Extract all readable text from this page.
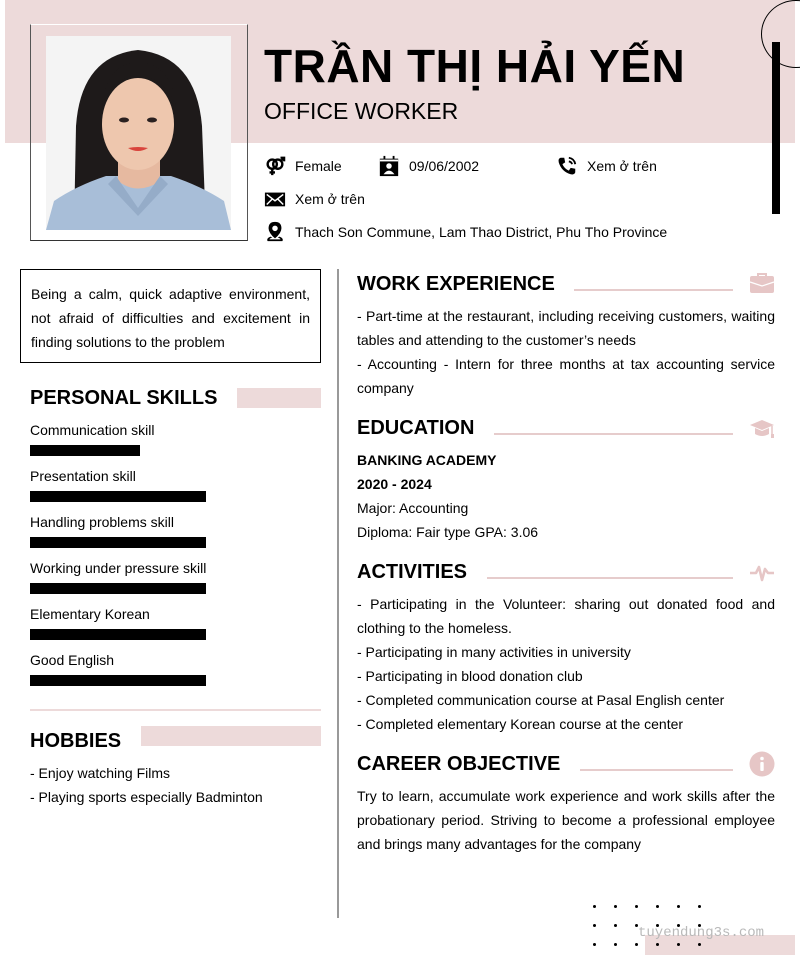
TRẦN THỊ HẢI YẾN
OFFICE WORKER
Female	09/06/2002	Xem ở trên
Xem ở trên
Thach Son Commune, Lam Thao District, Phu Tho Province
Being a calm, quick adaptive environment, not afraid of difficulties and excitement in finding solutions to the problem
PERSONAL SKILLS
Communication skill
Presentation skill
Handling problems skill
Working under pressure skill
Elementary Korean
Good English
HOBBIES
- Enjoy watching Films
- Playing sports especially Badminton
WORK EXPERIENCE

- Part-time at the restaurant, including receiving customers, waiting tables and attending to the customer’s needs

- Accounting - Intern for three months at tax accounting service company

EDUCATION

BANKING ACADEMY

2020 - 2024

Major: Accounting

Diploma: Fair type GPA: 3.06

ACTIVITIES

- Participating in the Volunteer: sharing out donated food and clothing to the homeless.

- Participating in many activities in university

- Participating in blood donation club

- Completed communication course at Pasal English center

- Completed elementary Korean course at the center

CAREER OBJECTIVE
Try to learn, accumulate work experience and work skills after the probationary period. Striving to become a professional employee and brings many advantages for the company
tuyendung3s.com
